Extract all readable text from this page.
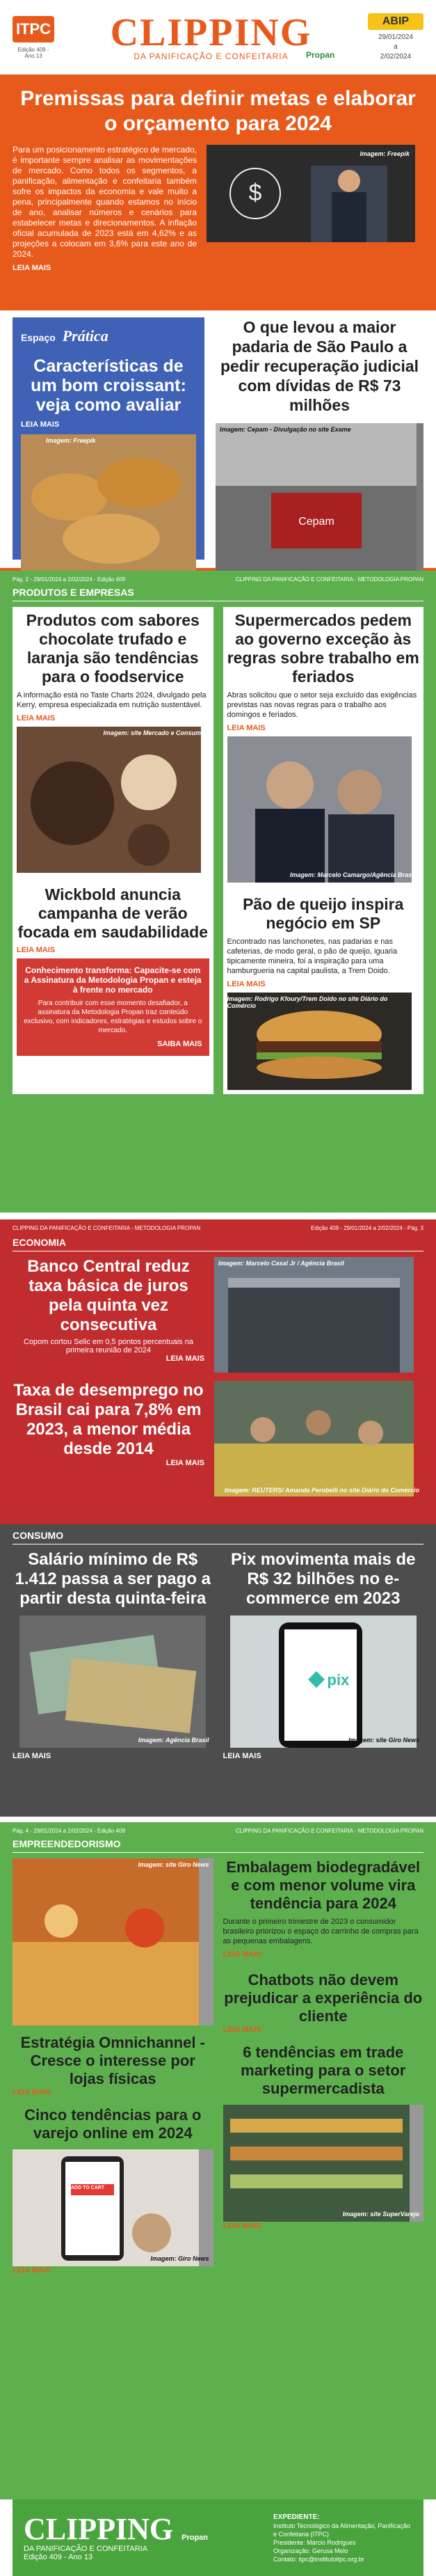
ITPC
Edição 409 - Ano 13
CLIPPING
DA PANIFICAÇÃO E CONFEITARIA	Propan
ABIP
29/01/2024
a
2/02/2024
Premissas para definir metas e elaborar o orçamento para 2024

Para um posicionamento estratégico de mercado, é importante sempre analisar as movimentações de mercado. Como todos os segmentos, a panificação, alimentação e confeitaria também sofre os impactos da economia e vale muito a pena, principalmente quando estamos no início de ano, analisar números e cenários para estabelecer metas e direcionamentos. A inflação oficial acumulada de 2023 está em 4,62% e as projeções a colocam em 3,6% para este ano de 2024.

LEIA MAIS
$
Imagem: Freepik
Espaço Prática
Características de um bom croissant: veja como avaliar
LEIA MAIS
Imagem: Freepik
O que levou a maior padaria de São Paulo a pedir recuperação judicial com dívidas de R$ 73 milhões
Cepam
Imagem: Cepam - Divulgação no site Exame
Pág. 2 - 29/01/2024 a 2/02/2024 - Edição 409	CLIPPING DA PANIFICAÇÃO E CONFEITARIA - METODOLOGIA PROPAN
PRODUTOS E EMPRESAS
Produtos com sabores chocolate trufado e laranja são tendências para o foodservice

A informação está no Taste Charts 2024, divulgado pela Kerry, empresa especializada em nutrição sustentável.

LEIA MAIS
Imagem: site Mercado e Consumo
Wickbold anuncia campanha de verão focada em saudabilidade
LEIA MAIS
Conhecimento transforma: Capacite-se com a Assinatura da Metodologia Propan e esteja à frente no mercado
Para contribuir com esse momento desafiador, a assinatura da Metodologia Propan traz conteúdo exclusivo, com indicadores, estratégias e estudos sobre o mercado.
SAIBA MAIS
Supermercados pedem ao governo exceção às regras sobre trabalho em feriados

Abras solicitou que o setor seja excluído das exigências previstas nas novas regras para o trabalho aos domingos e feriados.

LEIA MAIS
Imagem: Marcelo Camargo/Agência Brasil
Pão de queijo inspira negócio em SP

Encontrado nas lanchonetes, nas padarias e nas cafeterias, de modo geral, o pão de queijo, iguaria tipicamente mineira, foi a inspiração para uma hamburgueria na capital paulista, a Trem Doido.

LEIA MAIS
Imagem: Rodrigo Kfoury/Trem Doido no site Diário do Comércio
CLIPPING DA PANIFICAÇÃO E CONFEITARIA - METODOLOGIA PROPAN	Edição 409 - 29/01/2024 a 2/02/2024 - Pág. 3
ECONOMIA
Banco Central reduz taxa básica de juros pela quinta vez consecutiva

Copom cortou Selic em 0,5 pontos percentuais na primeira reunião de 2024

LEIA MAIS
Imagem: Marcelo Casal Jr / Agência Brasil
Taxa de desemprego no Brasil cai para 7,8% em 2023, a menor média desde 2014
LEIA MAIS
Imagem: REUTERS/ Amanda Perobelli no site Diário do Comércio
CONSUMO
Salário mínimo de R$ 1.412 passa a ser pago a partir desta quinta-feira
Imagem: Agência Brasil
LEIA MAIS
Pix movimenta mais de R$ 32 bilhões no e-commerce em 2023
pix
Imagem: site Giro News
LEIA MAIS
Pág. 4 - 29/01/2024 a 2/02/2024 - Edição 409	CLIPPING DA PANIFICAÇÃO E CONFEITARIA - METODOLOGIA PROPAN
EMPREENDEDORISMO
Imagem: site Giro News
Estratégia Omnichannel - Cresce o interesse por lojas físicas
LEIA MAIS
Cinco tendências para o varejo online em 2024
ADD TO CART
Imagem: Giro News
LEIA MAIS
Embalagem biodegradável e com menor volume vira tendência para 2024

Durante o primeiro trimestre de 2023 o consumidor brasileiro priorizou o espaço do carrinho de compras para as pequenas embalagens.

LEIA MAIS
Chatbots não devem prejudicar a experiência do cliente
LEIA MAIS
6 tendências em trade marketing para o setor supermercadista
Imagem: site SuperVarejo
LEIA MAIS
CLIPPING
DA PANIFICAÇÃO E CONFEITARIA
Edição 409 - Ano 13
Propan
EXPEDIENTE:
Instituto Tecnológico da Alimentação, Panificação e Confeitaria (ITPC)
Presidente: Márcio Rodrigues
Organização: Gerusa Melo
Contato: itpc@institutoitpc.org.br
